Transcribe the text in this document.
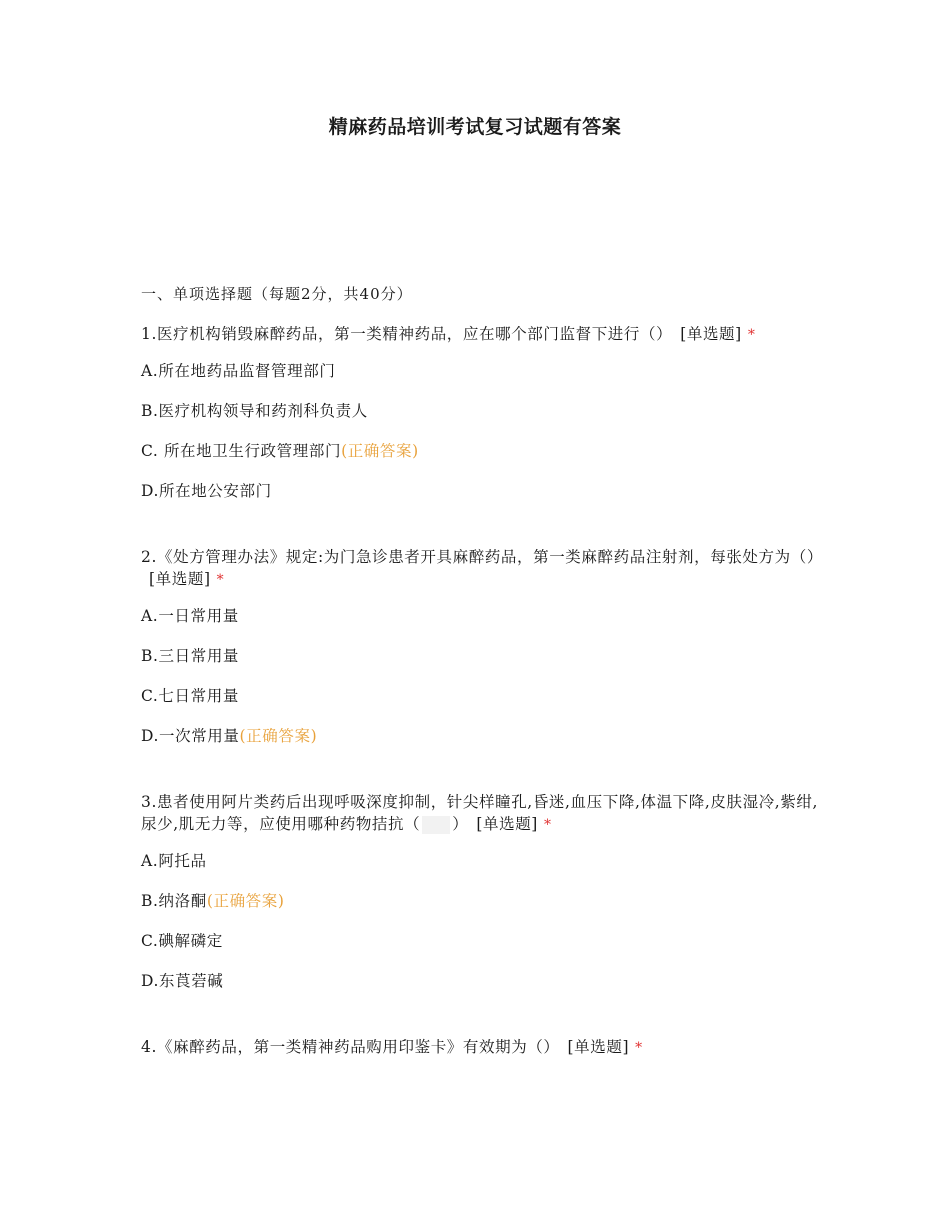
精麻药品培训考试复习试题有答案
一、单项选择题（每题2分，共40分）
1.医疗机构销毁麻醉药品，第一类精神药品，应在哪个部门监督下进行（） [单选题] *
A.所在地药品监督管理部门
B.医疗机构领导和药剂科负责人
C. 所在地卫生行政管理部门(正确答案)
D.所在地公安部门
2.《处方管理办法》规定:为门急诊患者开具麻醉药品，第一类麻醉药品注射剂，每张处方为（）[单选题] *
A.一日常用量
B.三日常用量
C.七日常用量
D.一次常用量(正确答案)
3.患者使用阿片类药后出现呼吸深度抑制，针尖样瞳孔,昏迷,血压下降,体温下降,皮肤湿冷,紫绀,尿少,肌无力等，应使用哪种药物拮抗（ ） [单选题] *
A.阿托品
B.纳洛酮(正确答案)
C.碘解磷定
D.东莨菪碱
4.《麻醉药品，第一类精神药品购用印鉴卡》有效期为（） [单选题] *
